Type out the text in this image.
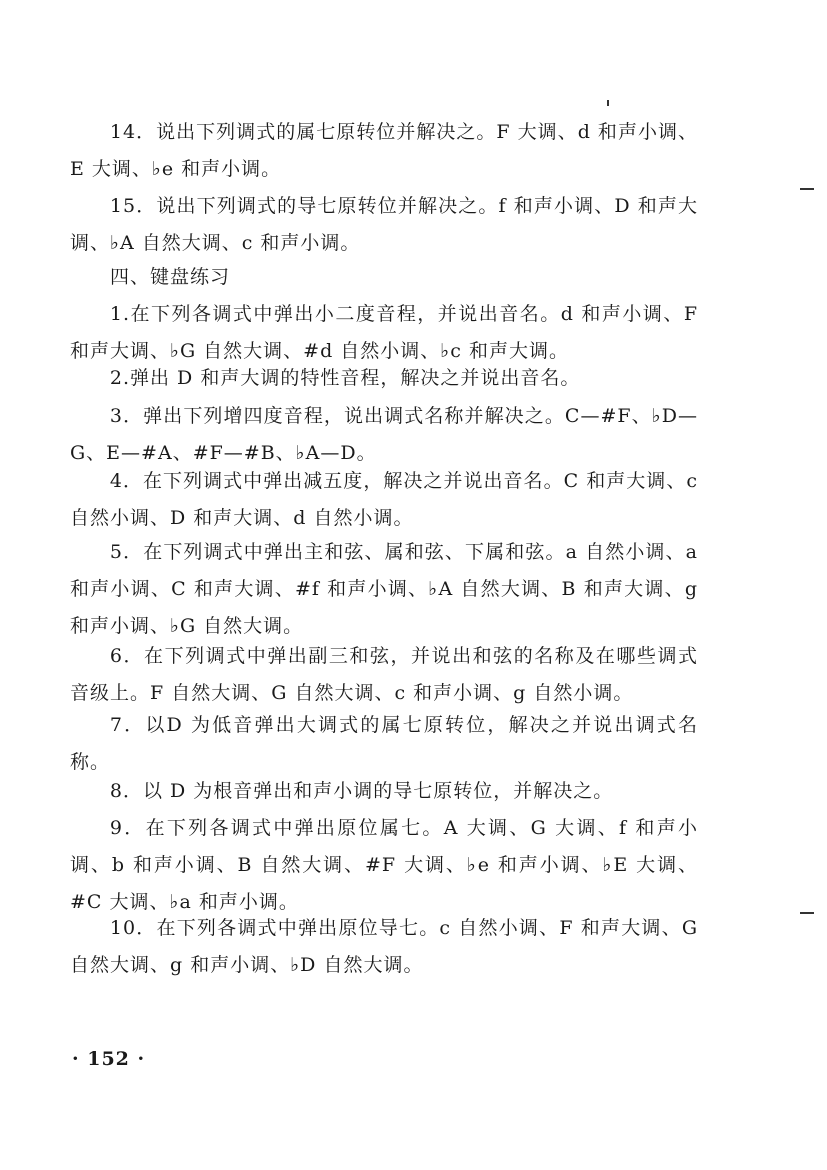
14．说出下列调式的属七原转位并解决之。F 大调、d 和声小调、E 大调、♭e 和声小调。

15．说出下列调式的导七原转位并解决之。f 和声小调、D 和声大调、♭A 自然大调、c 和声小调。

四、键盘练习

1.在下列各调式中弹出小二度音程，并说出音名。d 和声小调、F 和声大调、♭G 自然大调、#d 自然小调、♭c 和声大调。

2.弹出 D 和声大调的特性音程，解决之并说出音名。

3．弹出下列增四度音程，说出调式名称并解决之。C—#F、♭D—G、E—#A、#F—#B、♭A—D。

4．在下列调式中弹出减五度，解决之并说出音名。C 和声大调、c 自然小调、D 和声大调、d 自然小调。

5．在下列调式中弹出主和弦、属和弦、下属和弦。a 自然小调、a 和声小调、C 和声大调、#f 和声小调、♭A 自然大调、B 和声大调、g 和声小调、♭G 自然大调。

6．在下列调式中弹出副三和弦，并说出和弦的名称及在哪些调式音级上。F 自然大调、G 自然大调、c 和声小调、g 自然小调。

7．以D 为低音弹出大调式的属七原转位，解决之并说出调式名称。

8．以 D 为根音弹出和声小调的导七原转位，并解决之。

9．在下列各调式中弹出原位属七。A 大调、G 大调、f 和声小调、b 和声小调、B 自然大调、#F 大调、♭e 和声小调、♭E 大调、#C 大调、♭a 和声小调。

10．在下列各调式中弹出原位导七。c 自然小调、F 和声大调、G 自然大调、g 和声小调、♭D 自然大调。

· 152 ·
